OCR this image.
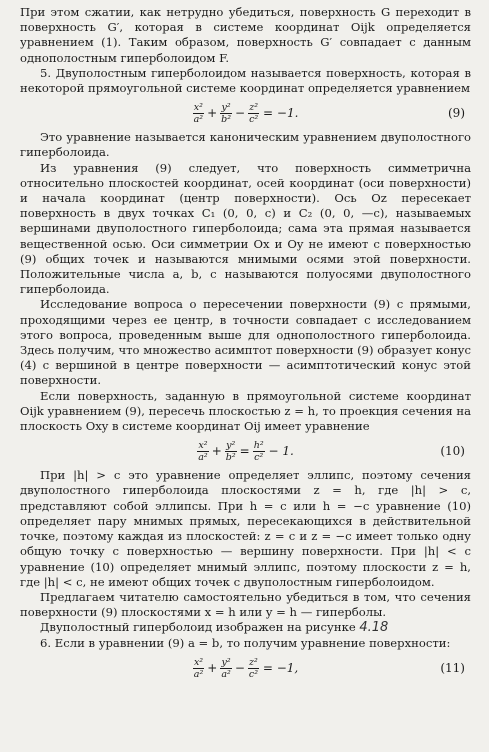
При этом сжатии, как нетрудно убедиться, поверхность G переходит в поверхность G′, которая в системе координат Oijk определяется уравнением (1). Таким образом, поверхность G′ совпадает с данным однополостным гиперболоидом F.

5. Двуполостным гиперболоидом называется поверхность, которая в некоторой прямоугольной системе координат определяется уравнением

$\frac{\text{x²}}{\text{a²}} + \frac{\text{y²}}{\text{b²}} - \frac{\text{z²}}{\text{c²}} = -1$.	(9)

Это уравнение называется каноническим уравнением двуполостного гиперболоида.

Из уравнения (9) следует, что поверхность симметрична относительно плоскостей координат, осей координат (оси поверхности) и начала координат (центр поверхности). Ось Oz пересекает поверхность в двух точках C₁ (0, 0, c) и C₂ (0, 0, —c), называемых вершинами двуполостного гиперболоида; сама эта прямая называется вещественной осью. Оси симметрии Ox и Oy не имеют с поверхностью (9) общих точек и называются мнимыми осями этой поверхности. Положительные числа a, b, c называются полуосями двуполостного гиперболоида.

Исследование вопроса о пересечении поверхности (9) с прямыми, проходящими через ее центр, в точности совпадает с исследованием этого вопроса, проведенным выше для однополостного гиперболоида. Здесь получим, что множество асимптот поверхности (9) образует конус (4) с вершиной в центре поверхности — асимптотический конус этой поверхности.

Если поверхность, заданную в прямоугольной системе координат Oijk уравнением (9), пересечь плоскостью z = h, то проекция сечения на плоскость Oxy в системе координат Oij имеет уравнение

$\frac{\text{x²}}{\text{a²}} + \frac{\text{y²}}{\text{b²}} = \frac{\text{h²}}{\text{c²}} - 1$.	(10)

При |h| > c это уравнение определяет эллипс, поэтому сечения двуполостного гиперболоида плоскостями z = h, где |h| > c, представляют собой эллипсы. При h = c или h = −c уравнение (10) определяет пару мнимых прямых, пересекающихся в действительной точке, поэтому каждая из плоскостей: z = c и z = −c имеет только одну общую точку с поверхностью — вершину поверхности. При |h| < c уравнение (10) определяет мнимый эллипс, поэтому плоскости z = h, где |h| < c, не имеют общих точек с двуполостным гиперболоидом.

Предлагаем читателю самостоятельно убедиться в том, что сечения поверхности (9) плоскостями x = h или y = h — гиперболы.

Двуполостный гиперболоид изображен на рисунке 4.18

6. Если в уравнении (9) a = b, то получим уравнение поверхности:

$\frac{\text{x²}}{\text{a²}} + \frac{\text{y²}}{\text{a²}} - \frac{\text{z²}}{\text{c²}} = -1$,	(11)
